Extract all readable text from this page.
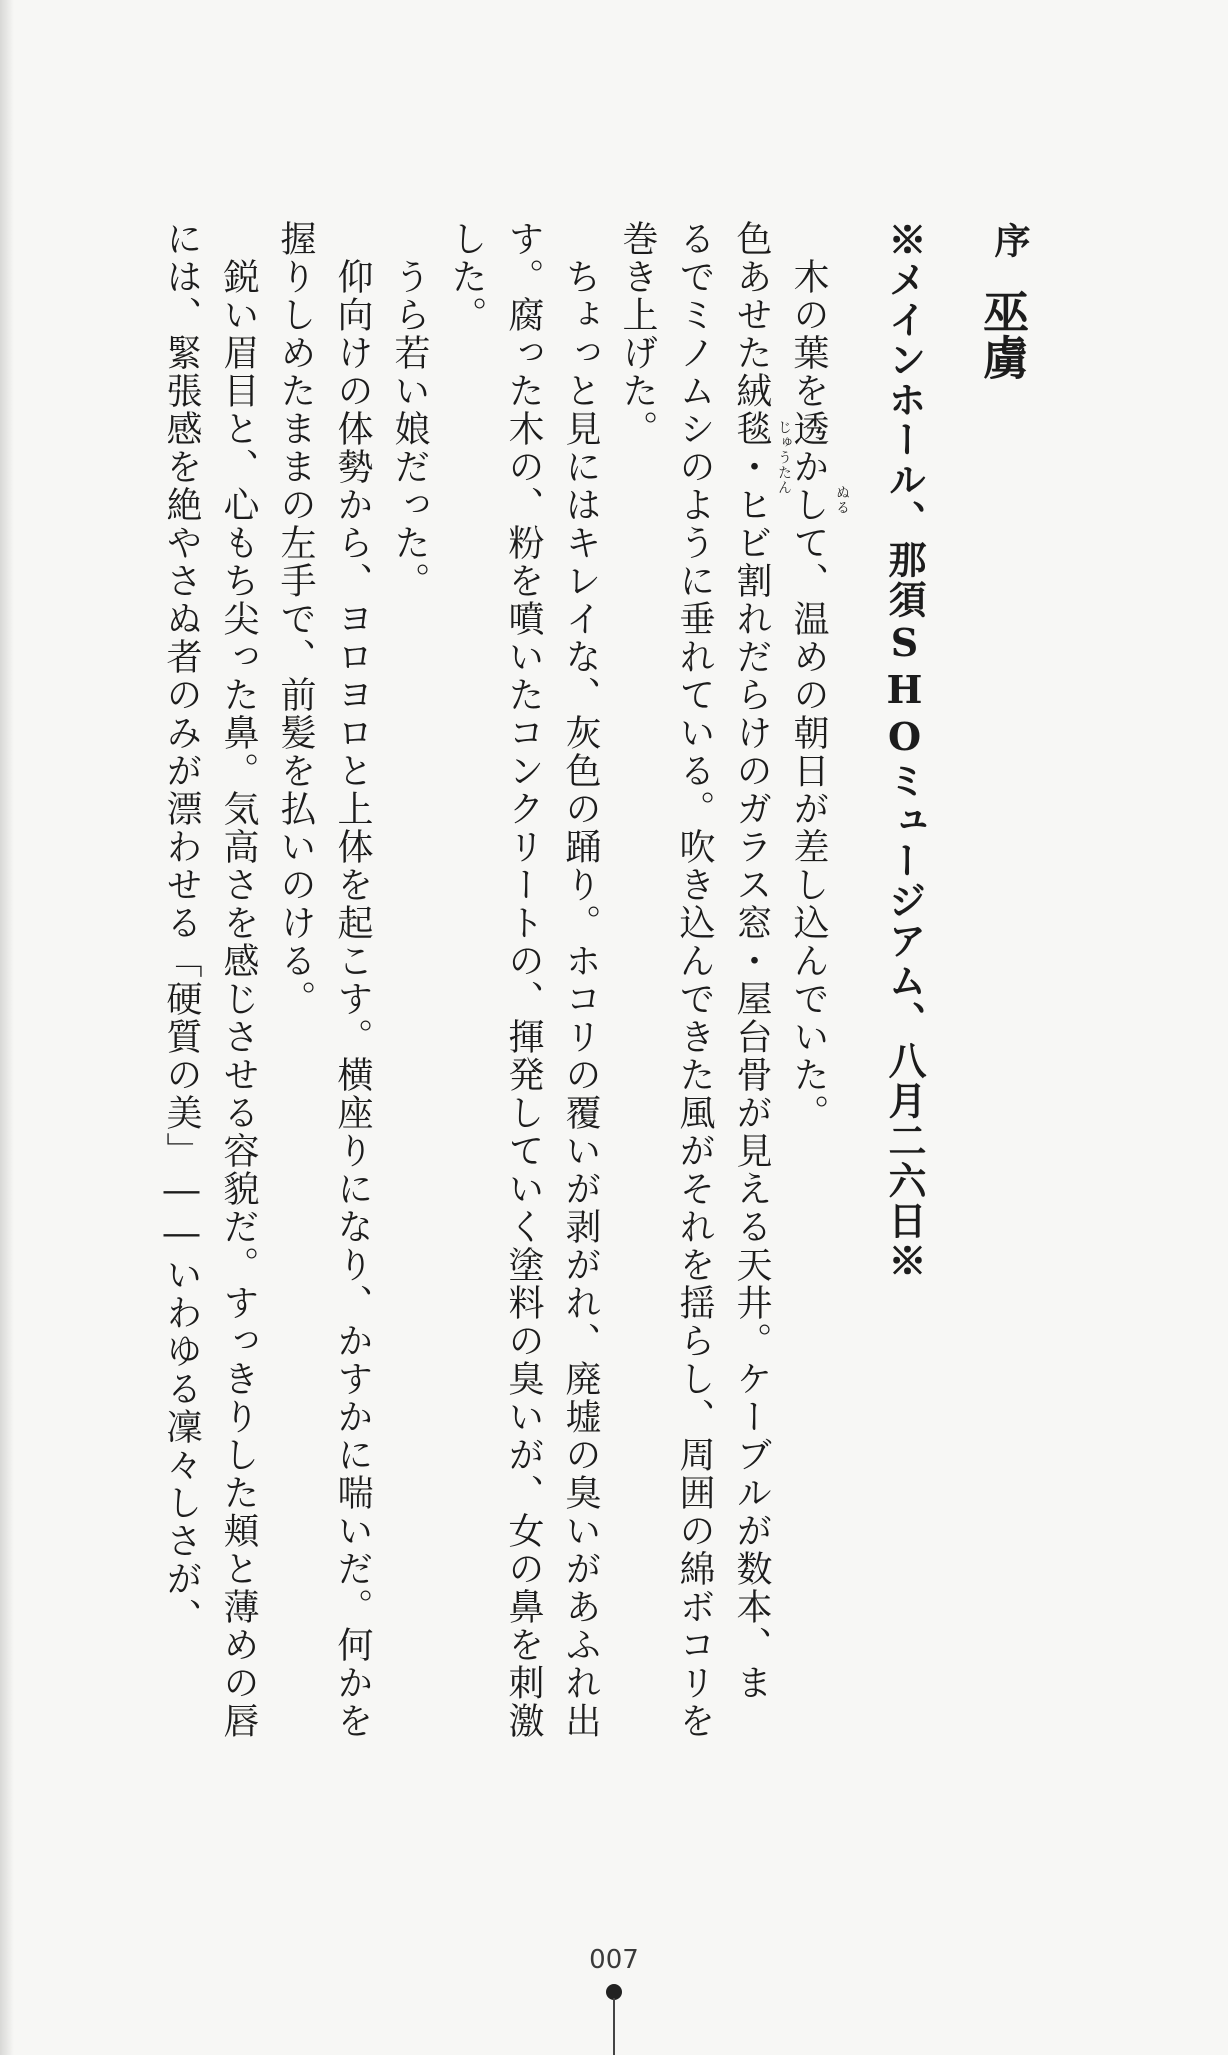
序
巫虜
※メインホール、那須SHOミュージアム、八月二六日※
　木の葉を透かして、温めの朝日が差し込んでいた。
色あせた絨毯・ヒビ割れだらけのガラス窓・屋台骨が見える天井。ケーブルが数本、ま
るでミノムシのように垂れている。吹き込んできた風がそれを揺らし、周囲の綿ボコリを
巻き上げた。
　ちょっと見にはキレイな、灰色の踊り。ホコリの覆いが剥がれ、廃墟の臭いがあふれ出
す。腐った木の、粉を噴いたコンクリートの、揮発していく塗料の臭いが、女の鼻を刺激
した。
　うら若い娘だった。
　仰向けの体勢から、ヨロヨロと上体を起こす。横座りになり、かすかに喘いだ。何かを
握りしめたままの左手で、前髪を払いのける。
　鋭い眉目と、心もち尖った鼻。気高さを感じさせる容貌だ。すっきりした頬と薄めの唇
には、緊張感を絶やさぬ者のみが漂わせる「硬質の美」――いわゆる凜々しさが、	ぬる
じゅうたん
007
